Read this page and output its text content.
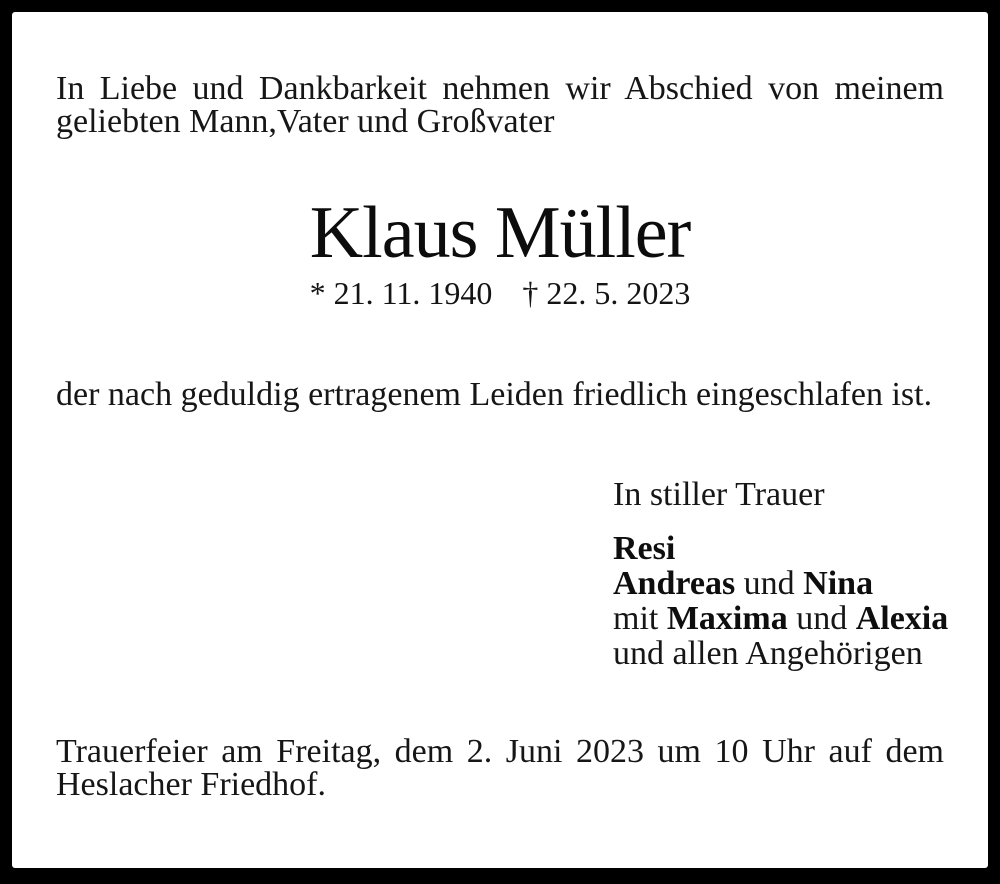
In Liebe und Dankbarkeit nehmen wir Abschied von meinem geliebten Mann,Vater und Großvater

Klaus Müller
* 21. 11. 1940 † 22. 5. 2023

der nach geduldig ertragenem Leiden friedlich eingeschlafen ist.

In stiller Trauer

Resi

Andreas und Nina

mit Maxima und Alexia

und allen Angehörigen

Trauerfeier am Freitag, dem 2. Juni 2023 um 10 Uhr auf dem Heslacher Friedhof.
